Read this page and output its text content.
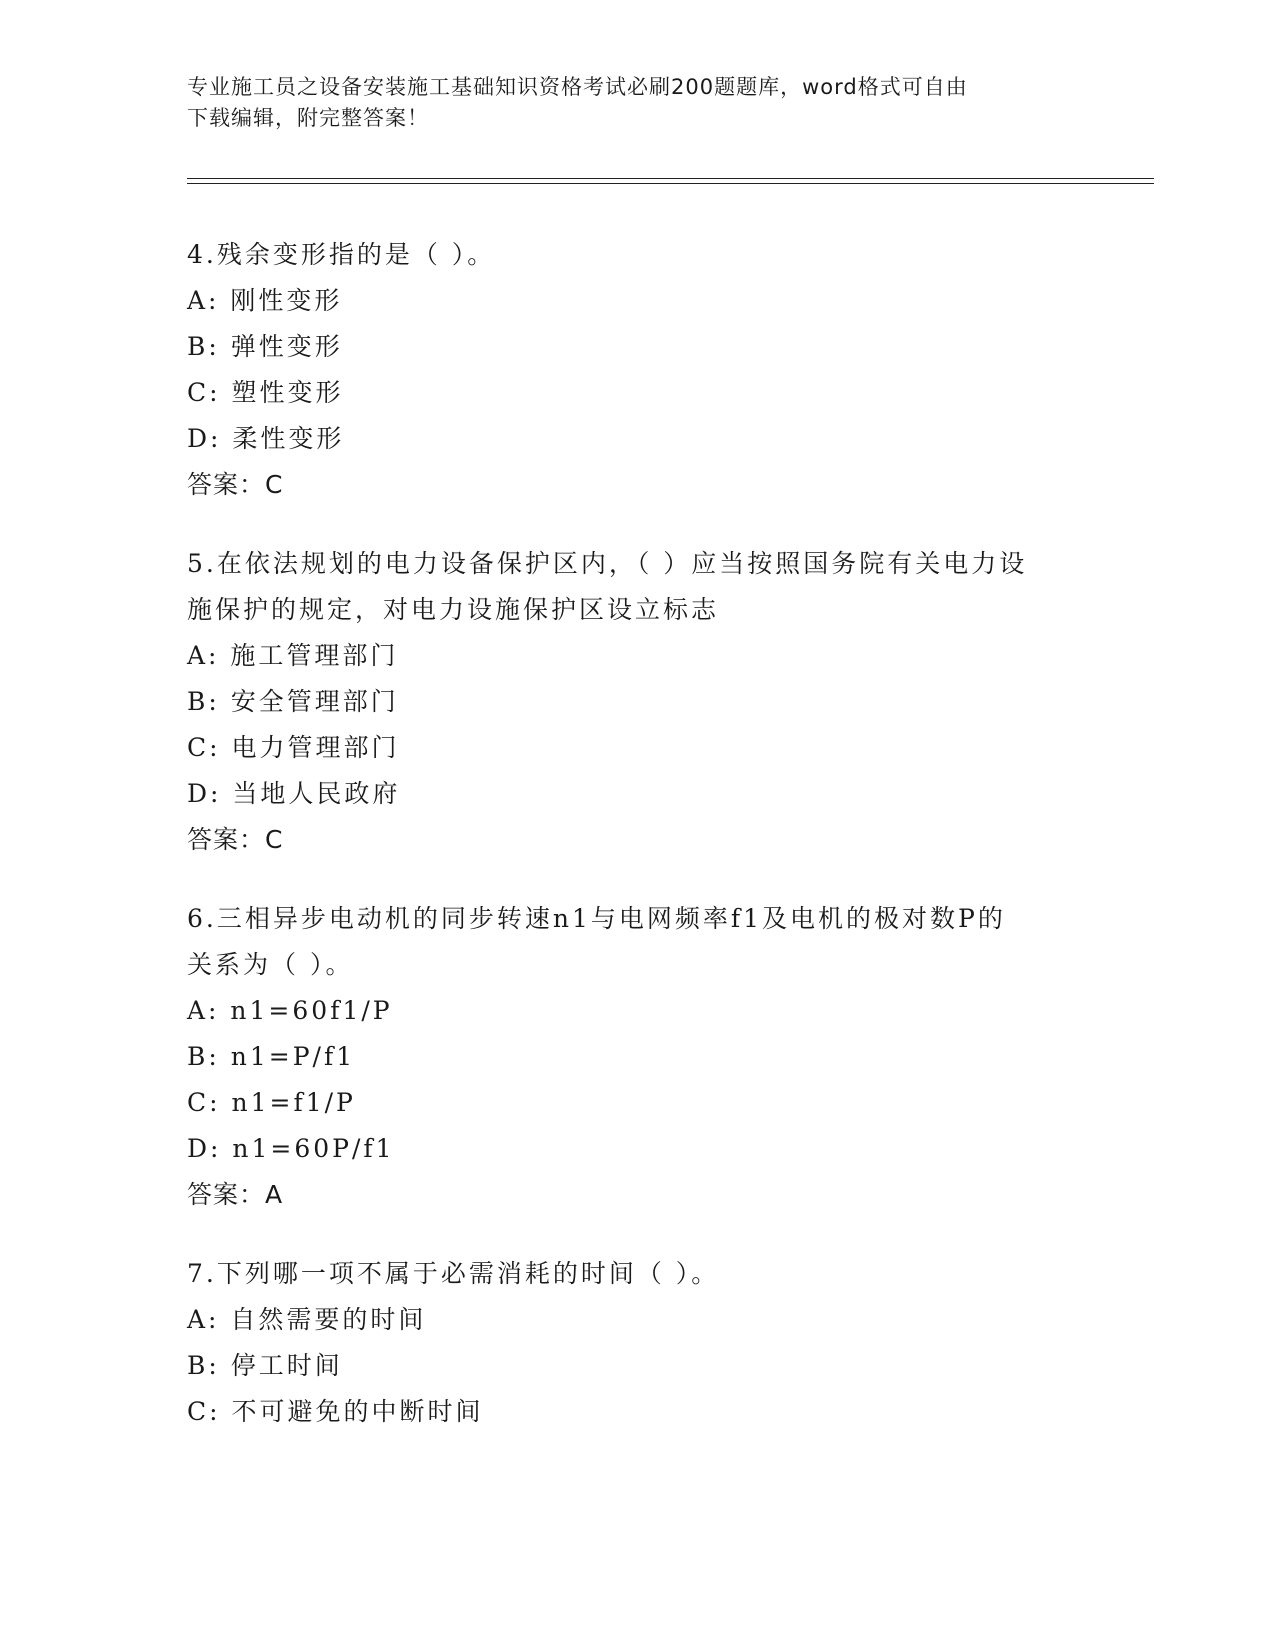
专业施工员之设备安装施工基础知识资格考试必刷200题题库，word格式可自由
下载编辑，附完整答案！
4.残余变形指的是（ ）。
A: 刚性变形
B: 弹性变形
C: 塑性变形
D: 柔性变形
答案：C
5.在依法规划的电力设备保护区内，（ ）应当按照国务院有关电力设
施保护的规定，对电力设施保护区设立标志
A: 施工管理部门
B: 安全管理部门
C: 电力管理部门
D: 当地人民政府
答案：C
6.三相异步电动机的同步转速n1与电网频率f1及电机的极对数P的
关系为（ ）。
A: n1=60f1/P
B: n1=P/f1
C: n1=f1/P
D: n1=60P/f1
答案：A
7.下列哪一项不属于必需消耗的时间（ ）。
A: 自然需要的时间
B: 停工时间
C: 不可避免的中断时间
